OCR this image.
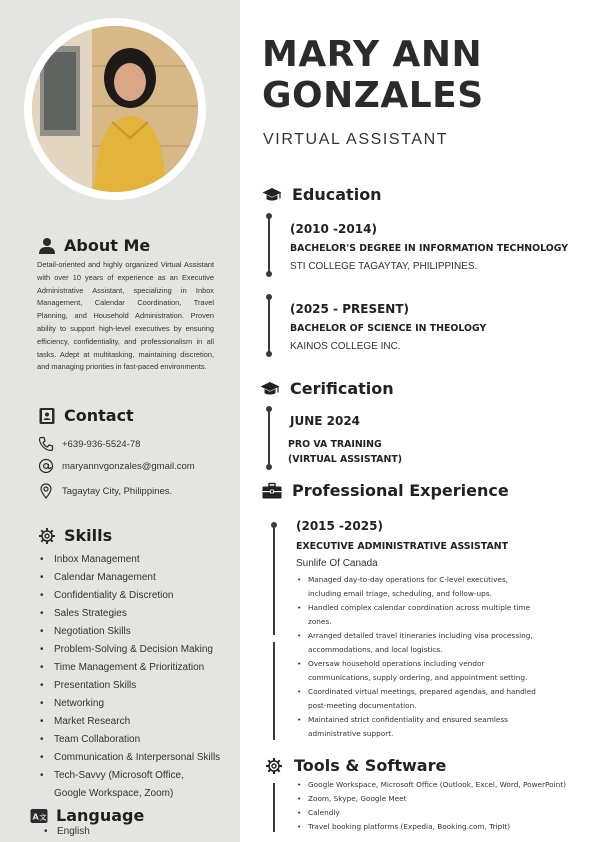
About Me
Detail-oriented and highly organized Virtual Assistant with over 10 years of experience as an Executive Administrative Assistant, specializing in Inbox Management, Calendar Coordination, Travel Planning, and Household Administration. Proven ability to support high-level executives by ensuring efficiency, confidentiality, and professionalism in all tasks. Adept at multitasking, maintaining discretion, and managing priorities in fast-paced environments.
Contact
+639-936-5524-78
maryannvgonzales@gmail.com
Tagaytay City, Philippines.
Skills
• Inbox Management
• Calendar Management
• Confidentiality & Discretion
• Sales Strategies
• Negotiation Skills
• Problem-Solving & Decision Making
• Time Management & Prioritization
• Presentation Skills
• Networking
• Market Research
• Team Collaboration
• Communication & Interpersonal Skills
• Tech-Savvy (Microsoft Office,
Google Workspace, Zoom)
A 文 Language
• English
MARY ANN
GONZALES
VIRTUAL ASSISTANT
Education
(2010 -2014)
BACHELOR'S DEGREE IN INFORMATION TECHNOLOGY
STI COLLEGE TAGAYTAY, PHILIPPINES.
(2025 - PRESENT)
BACHELOR OF SCIENCE IN THEOLOGY
KAINOS COLLEGE INC.
Cerification
JUNE 2024
PRO VA TRAINING
(VIRTUAL ASSISTANT)
Professional Experience
(2015 -2025)
EXECUTIVE ADMINISTRATIVE ASSISTANT
Sunlife Of Canada
• Managed day-to-day operations for C-level executives,
including email triage, scheduling, and follow-ups.
• Handled complex calendar coordination across multiple time
zones.
• Arranged detailed travel itineraries including visa processing,
accommodations, and local logistics.
• Oversaw household operations including vendor
communications, supply ordering, and appointment setting.
• Coordinated virtual meetings, prepared agendas, and handled
post-meeting documentation.
• Maintained strict confidentiality and ensured seamless
administrative support.
Tools & Software
• Google Workspace, Microsoft Office (Outlook, Excel, Word, PowerPoint)
• Zoom, Skype, Google Meet
• Calendly
• Travel booking platforms (Expedia, Booking.com, TripIt)
